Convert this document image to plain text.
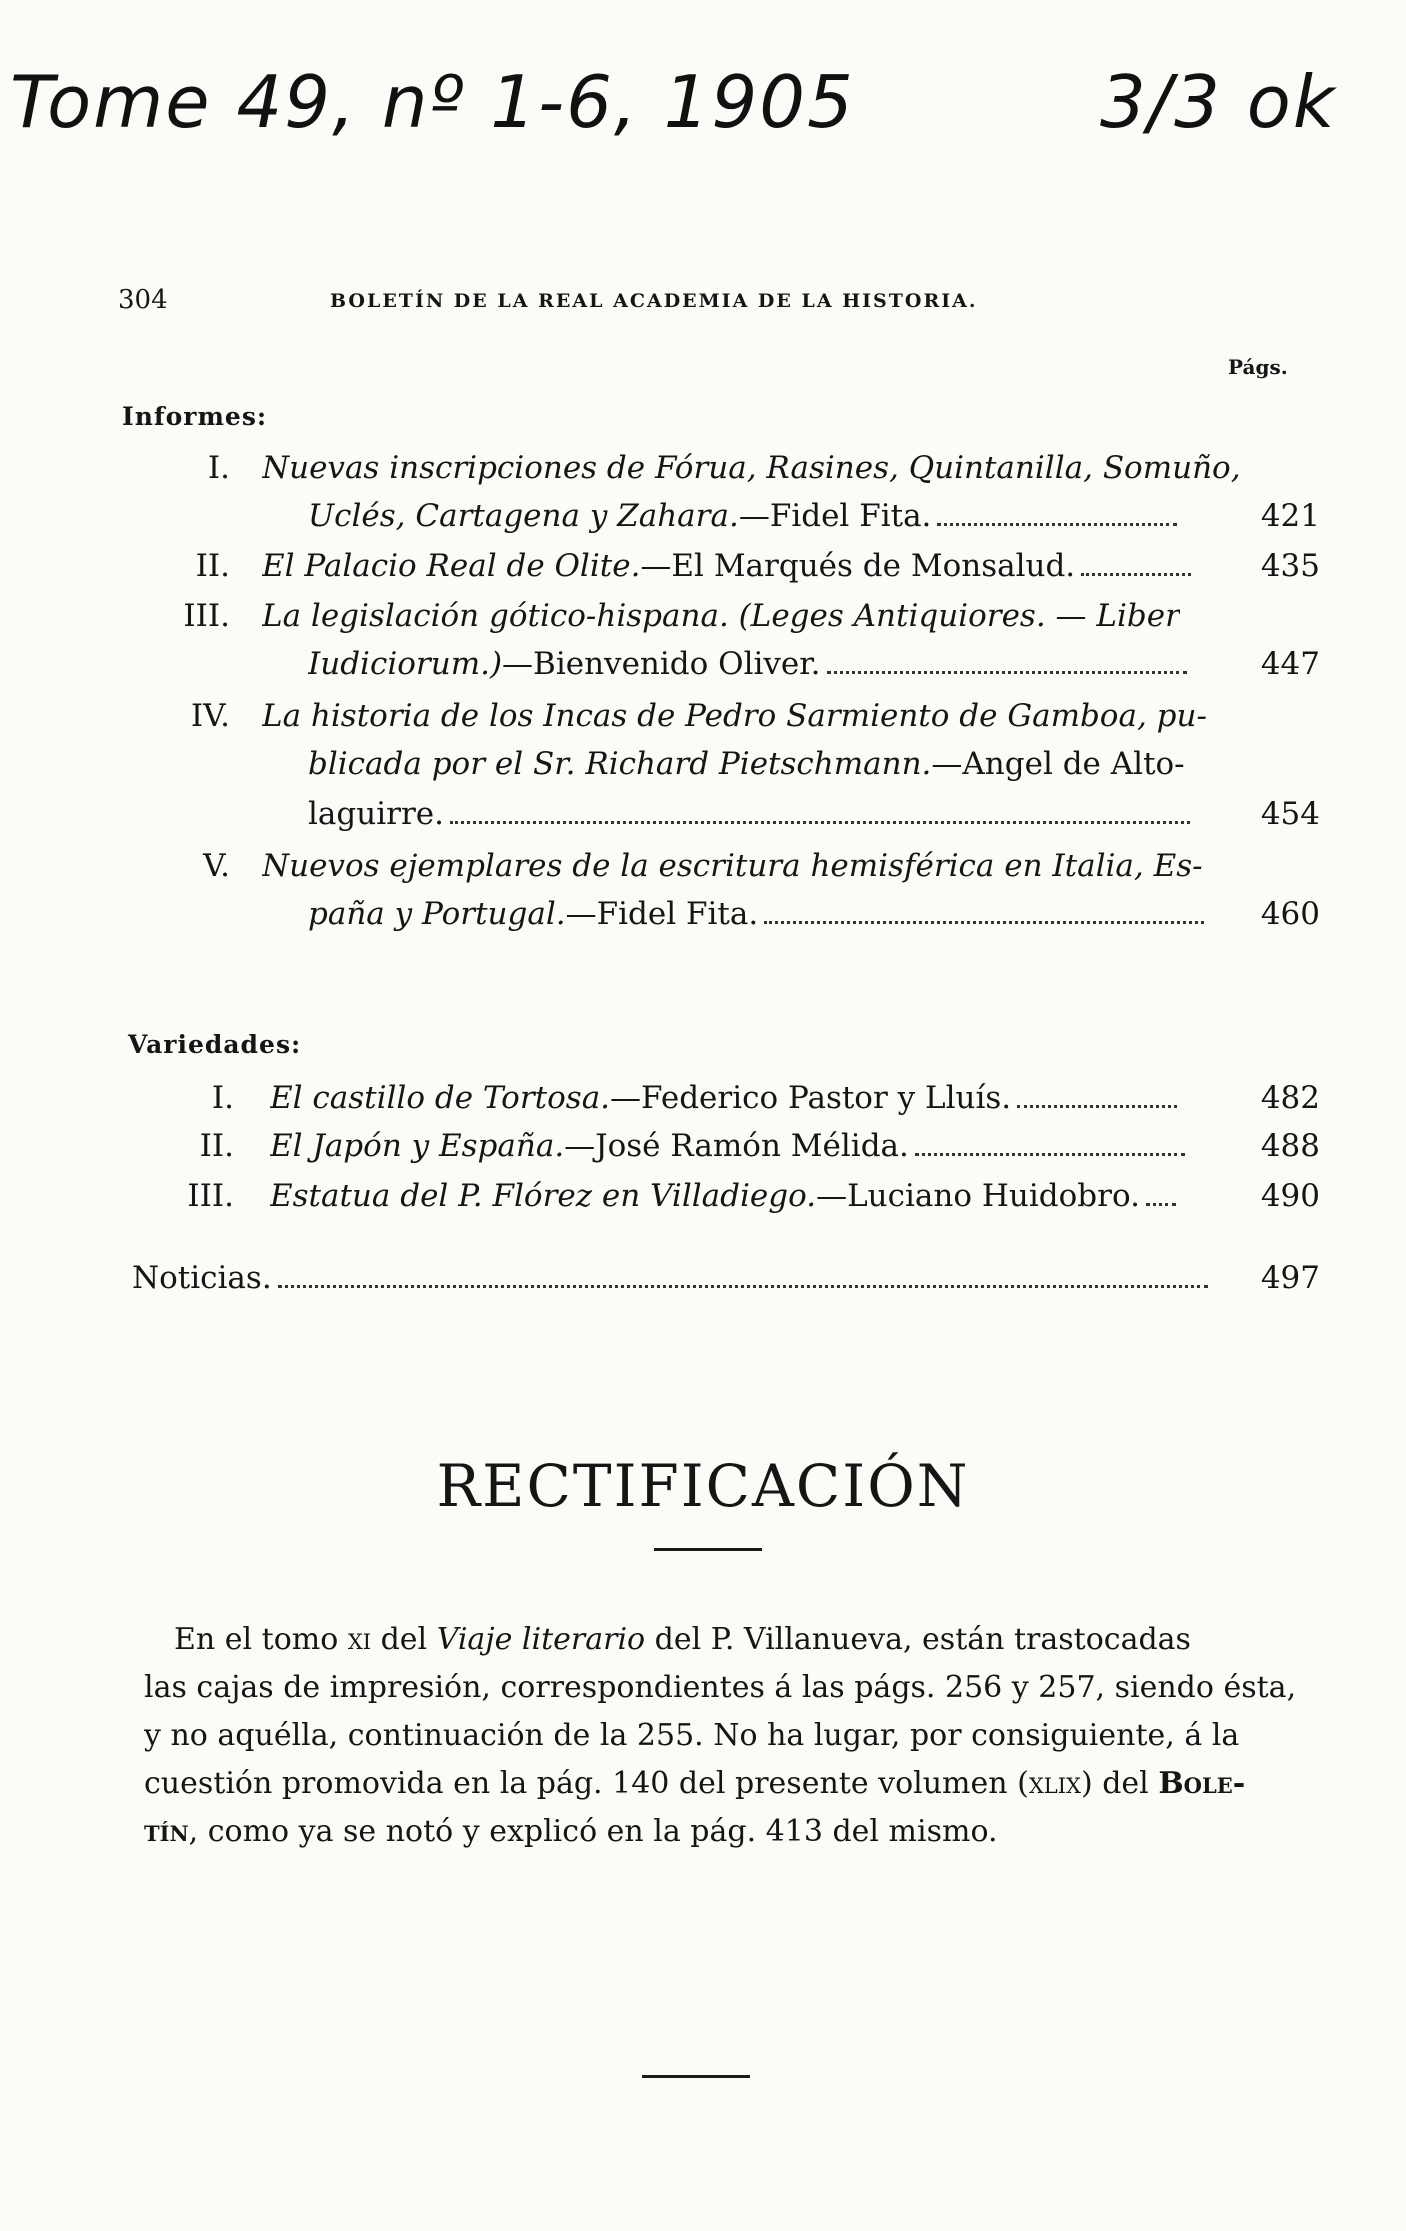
Tome 49, nº 1-6, 1905	3/3 ok
304	BOLETÍN DE LA REAL ACADEMIA DE LA HISTORIA.
Págs.
Informes:
I. Nuevas inscripciones de Fórua, Rasines, Quintanilla, Somuño,
Uclés, Cartagena y Zahara.—Fidel Fita.	421
II. El Palacio Real de Olite.—El Marqués de Monsalud.	435
III. La legislación gótico-hispana. (Leges Antiquiores. — Liber
Iudiciorum.)—Bienvenido Oliver.	447
IV. La historia de los Incas de Pedro Sarmiento de Gamboa, pu-
blicada por el Sr. Richard Pietschmann.—Angel de Alto-
laguirre.	454
V. Nuevos ejemplares de la escritura hemisférica en Italia, Es-
paña y Portugal.—Fidel Fita.	460
Variedades:
I. El castillo de Tortosa.—Federico Pastor y Lluís.	482
II. El Japón y España.—José Ramón Mélida.	488
III. Estatua del P. Flórez en Villadiego.—Luciano Huidobro.	490
Noticias.	497
RECTIFICACIÓN
En el tomo xi del Viaje literario del P. Villanueva, están trastocadas
las cajas de impresión, correspondientes á las págs. 256 y 257, siendo ésta,
y no aquélla, continuación de la 255. No ha lugar, por consiguiente, á la
cuestión promovida en la pág. 140 del presente volumen (xlix) del Bole-
tín, como ya se notó y explicó en la pág. 413 del mismo.
